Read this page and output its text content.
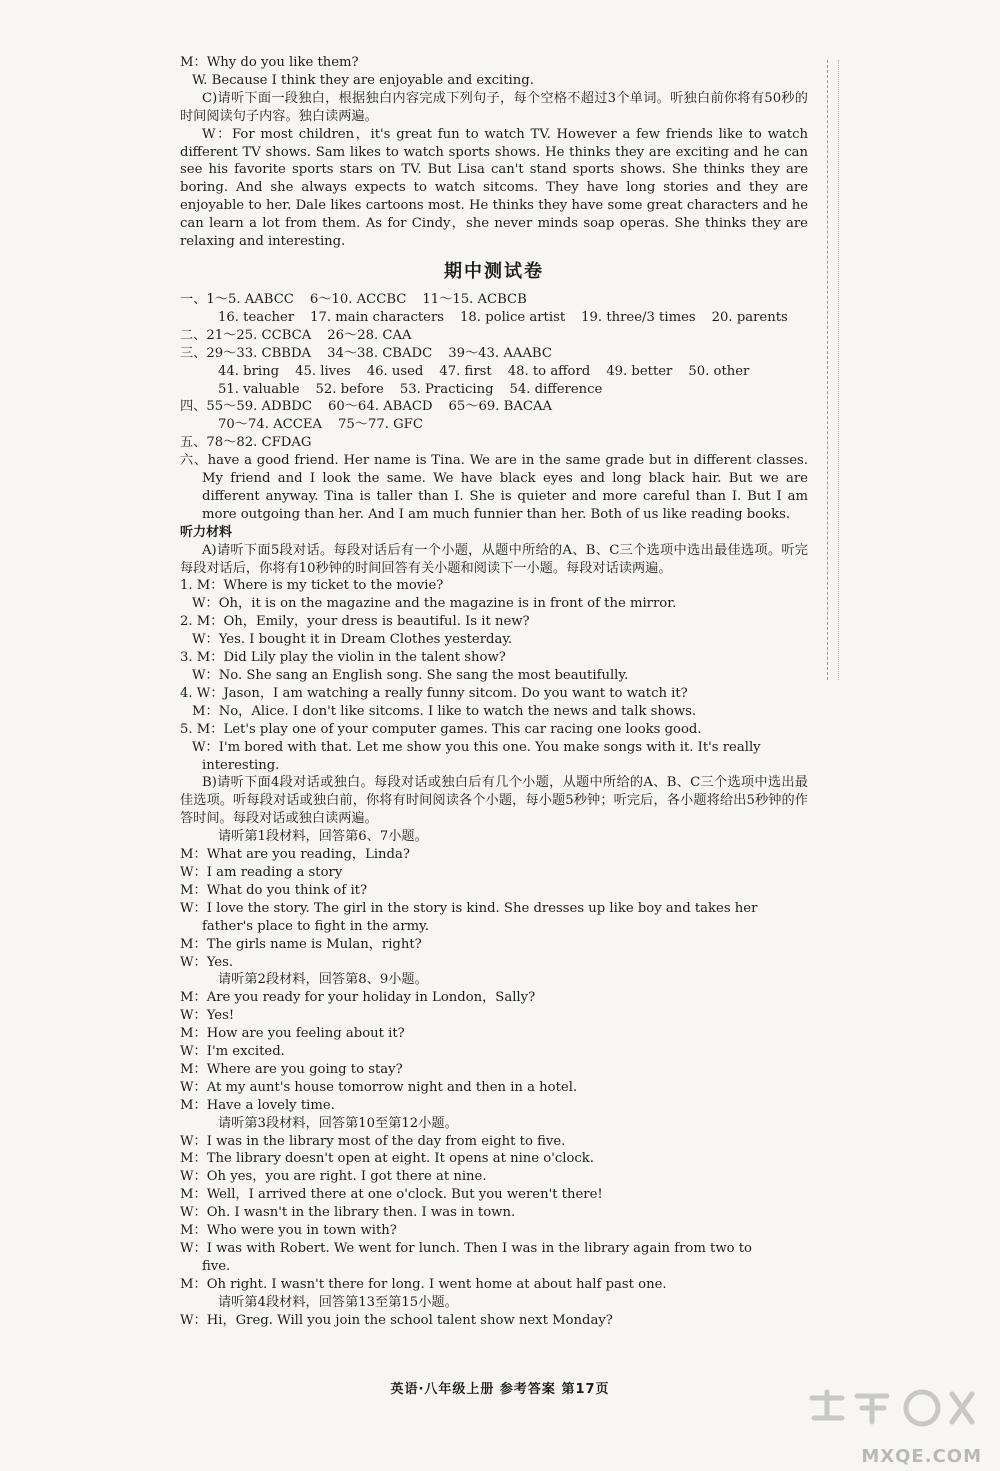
M：Why do you like them?
W. Because I think they are enjoyable and exciting.
C)请听下面一段独白，根据独白内容完成下列句子，每个空格不超过3个单词。听独白前你将有50秒的时间阅读句子内容。独白读两遍。
W：For most children，it's great fun to watch TV. However a few friends like to watch different TV shows. Sam likes to watch sports shows. He thinks they are exciting and he can see his favorite sports stars on TV. But Lisa can't stand sports shows. She thinks they are boring. And she always expects to watch sitcoms. They have long stories and they are enjoyable to her. Dale likes cartoons most. He thinks they have some great characters and he can learn a lot from them. As for Cindy，she never minds soap operas. She thinks they are relaxing and interesting.
期中测试卷
一、1～5. AABCC 6～10. ACCBC 11～15. ACBCB
16. teacher 17. main characters 18. police artist 19. three/3 times 20. parents
二、21～25. CCBCA 26～28. CAA
三、29～33. CBBDA 34～38. CBADC 39～43. AAABC
44. bring 45. lives 46. used 47. first 48. to afford 49. better 50. other
51. valuable 52. before 53. Practicing 54. difference
四、55～59. ADBDC 60～64. ABACD 65～69. BACAA
70～74. ACCEA 75～77. GFC
五、78～82. CFDAG
六、have a good friend. Her name is Tina. We are in the same grade but in different classes. My friend and I look the same. We have black eyes and long black hair. But we are different anyway. Tina is taller than I. She is quieter and more careful than I. But I am more outgoing than her. And I am much funnier than her. Both of us like reading books.
听力材料
A)请听下面5段对话。每段对话后有一个小题，从题中所给的A、B、C三个选项中选出最佳选项。听完每段对话后，你将有10秒钟的时间回答有关小题和阅读下一小题。每段对话读两遍。
1. M：Where is my ticket to the movie?
W：Oh，it is on the magazine and the magazine is in front of the mirror.
2. M：Oh，Emily，your dress is beautiful. Is it new?
W：Yes. I bought it in Dream Clothes yesterday.
3. M：Did Lily play the violin in the talent show?
W：No. She sang an English song. She sang the most beautifully.
4. W：Jason，I am watching a really funny sitcom. Do you want to watch it?
M：No，Alice. I don't like sitcoms. I like to watch the news and talk shows.
5. M：Let's play one of your computer games. This car racing one looks good.
W：I'm bored with that. Let me show you this one. You make songs with it. It's really
interesting.
B)请听下面4段对话或独白。每段对话或独白后有几个小题，从题中所给的A、B、C三个选项中选出最佳选项。听每段对话或独白前，你将有时间阅读各个小题，每小题5秒钟；听完后，各小题将给出5秒钟的作答时间。每段对话或独白读两遍。
请听第1段材料，回答第6、7小题。
M：What are you reading，Linda?
W：I am reading a story
M：What do you think of it?
W：I love the story. The girl in the story is kind. She dresses up like boy and takes her
father's place to fight in the army.
M：The girls name is Mulan，right?
W：Yes.
请听第2段材料，回答第8、9小题。
M：Are you ready for your holiday in London，Sally?
W：Yes!
M：How are you feeling about it?
W：I'm excited.
M：Where are you going to stay?
W：At my aunt's house tomorrow night and then in a hotel.
M：Have a lovely time.
请听第3段材料，回答第10至第12小题。
W：I was in the library most of the day from eight to five.
M：The library doesn't open at eight. It opens at nine o'clock.
W：Oh yes，you are right. I got there at nine.
M：Well，I arrived there at one o'clock. But you weren't there!
W：Oh. I wasn't in the library then. I was in town.
M：Who were you in town with?
W：I was with Robert. We went for lunch. Then I was in the library again from two to
five.
M：Oh right. I wasn't there for long. I went home at about half past one.
请听第4段材料，回答第13至第15小题。
W：Hi，Greg. Will you join the school talent show next Monday?
英语·八年级上册 参考答案 第17页
MXQE.COM
